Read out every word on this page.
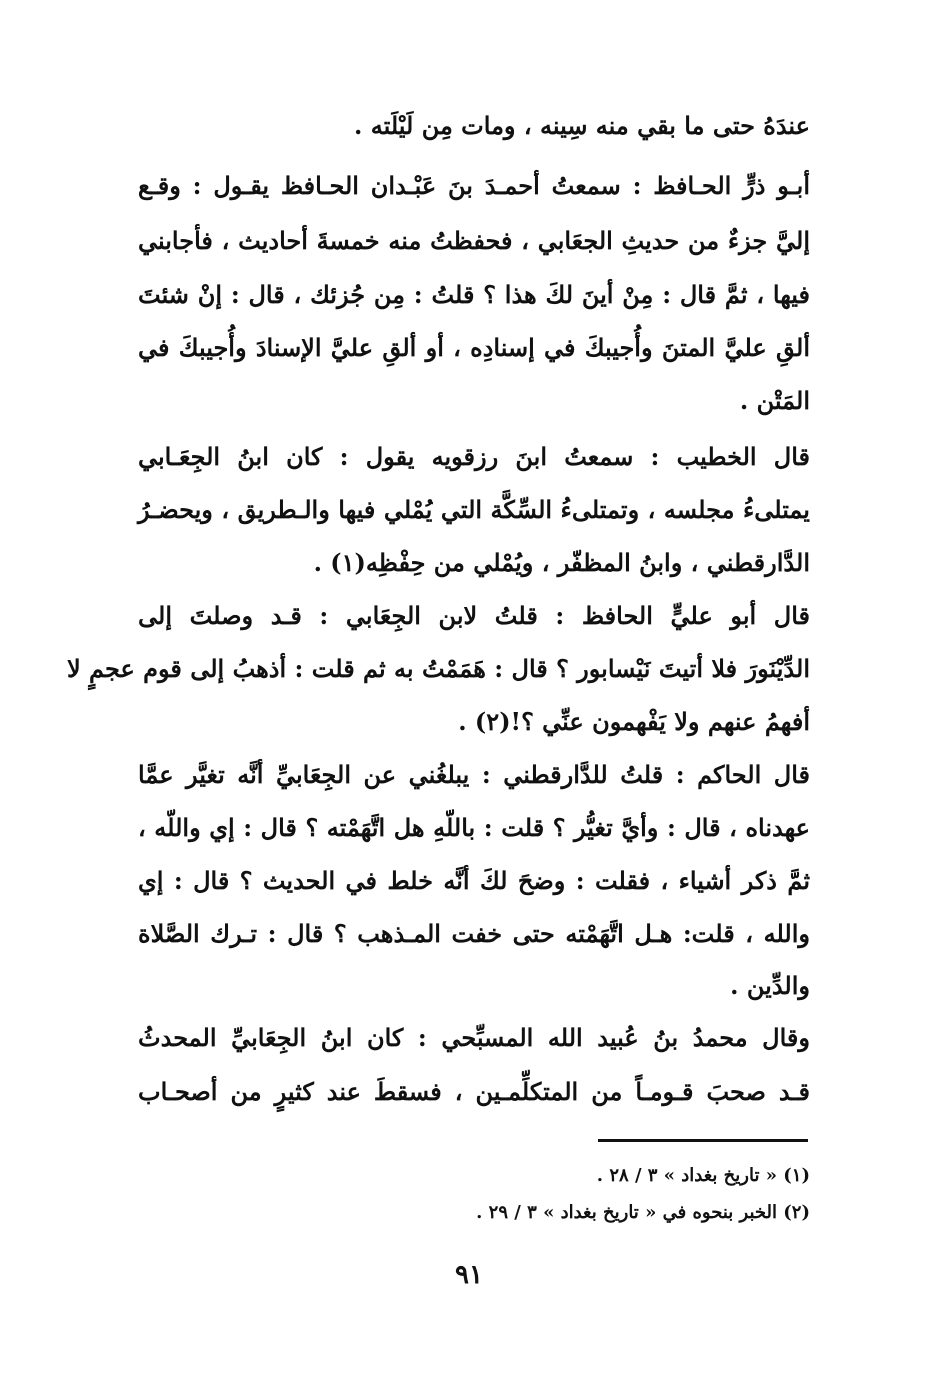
عندَهُ حتى ما بقي منه سِينه ، ومات مِن لَيْلَته .
أبـو ذرٍّ الحـافظ : سمعتُ أحمـدَ بنَ عَبْـدان الحـافظ يقـول : وقـع
إليَّ جزءٌ من حديثِ الجعَابي ، فحفظتُ منه خمسةَ أحاديث ، فأجابني
فيها ، ثمَّ قال : مِنْ أينَ لكَ هذا ؟ قلتُ : مِن جُزئك ، قال : إنْ شئتَ
ألقِ عليَّ المتنَ وأُجيبكَ في إسنادِه ، أو ألقِ عليَّ الإسنادَ وأُجيبكَ في
المَتْن .
قال الخطيب : سمعتُ ابنَ رزقويه يقول : كان ابنُ الجِعَـابي
يمتلىءُ مجلسه ، وتمتلىءُ السِّكَّة التي يُمْلي فيها والـطريق ، ويحضـرُ
الدَّارقطني ، وابنُ المظفّر ، ويُمْلي من حِفْظِه(١) .
قال أبو عليٍّ الحافظ : قلتُ لابن الجِعَابي : قـد وصلتَ إلى
الدِّيْنَورَ فلا أتيتَ نَيْسابور ؟ قال : هَمَمْتُ به ثم قلت : أذهبُ إلى قوم عجمٍ لا
أفهمُ عنهم ولا يَفْهمون عنِّي ؟!(٢) .
قال الحاكم : قلتُ للدَّارقطني : يبلغُني عن الجِعَابيِّ أنَّه تغيَّر عمَّا
عهدناه ، قال : وأيَّ تغيُّر ؟ قلت : باللّهِ هل اتَّهَمْته ؟ قال : إي واللّه ،
ثمَّ ذكر أشياء ، فقلت : وضحَ لكَ أنَّه خلط في الحديث ؟ قال : إي
والله ، قلت: هـل اتَّهَمْته حتى خفت المـذهب ؟ قال : تـرك الصَّلاة
والدِّين .
وقال محمدُ بنُ عُبيد الله المسبِّحي : كان ابنُ الجِعَابيِّ المحدثُ
قـد صحبَ قـومـاً من المتكلِّمـين ، فسقطَ عند كثيرٍ من أصحـاب
(١) « تاريخ بغداد » ٣ / ٢٨ .
(٢) الخبر بنحوه في « تاريخ بغداد » ٣ / ٢٩ .
٩١
